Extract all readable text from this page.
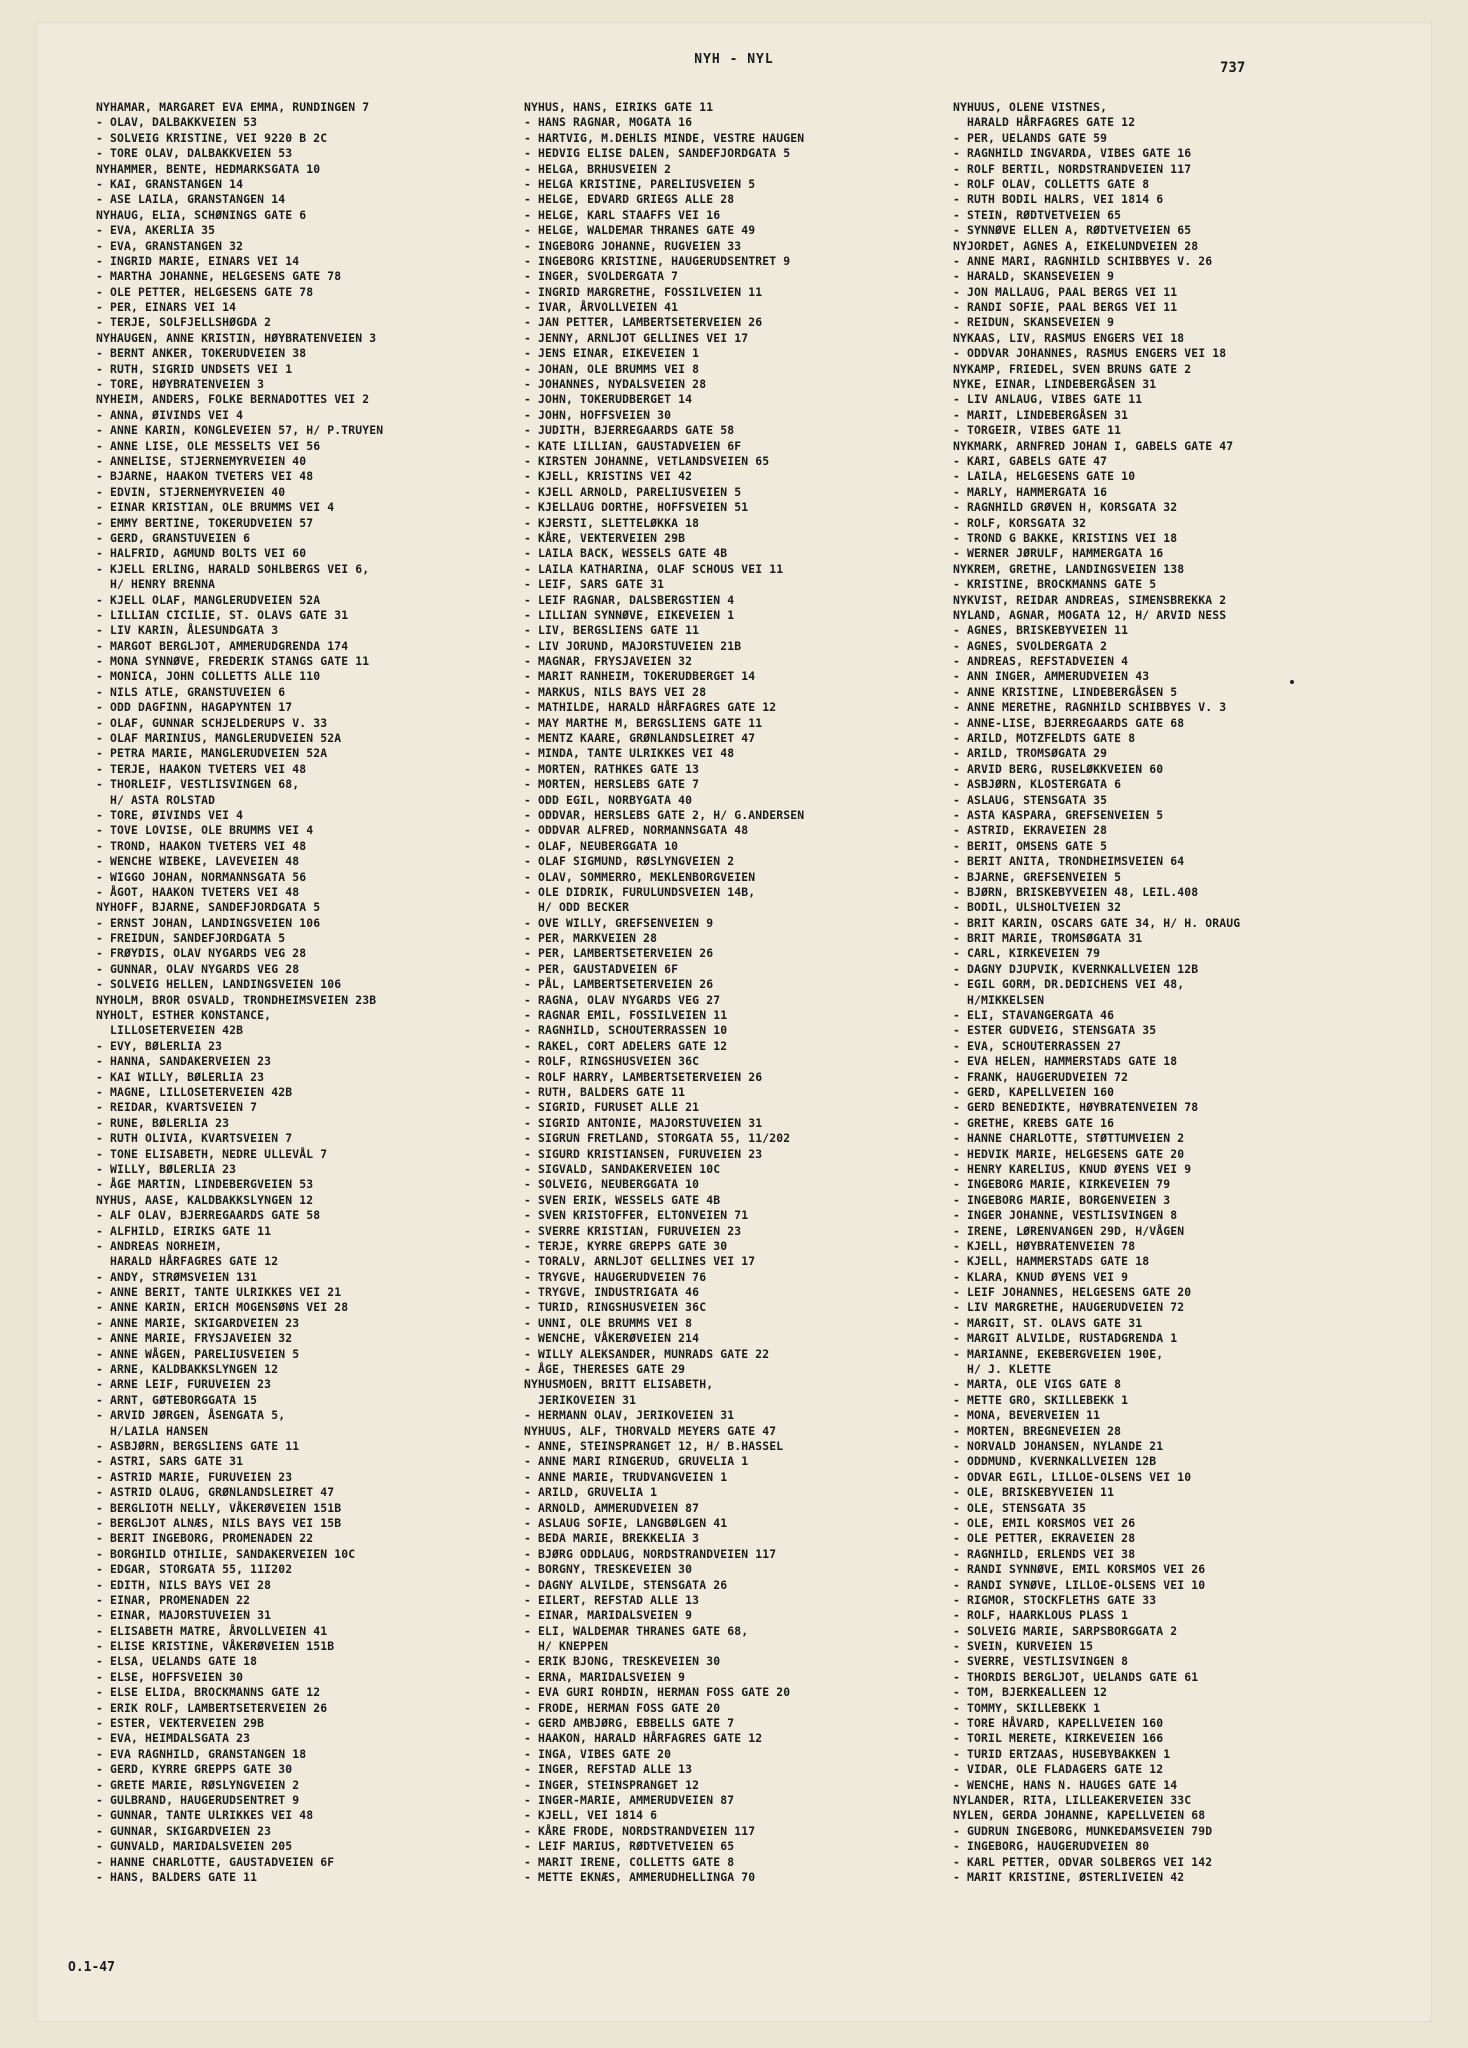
NYH - NYL
737
NYHAMAR, MARGARET EVA EMMA, RUNDINGEN 7
- OLAV, DALBAKKVEIEN 53
- SOLVEIG KRISTINE, VEI 9220 B 2C
- TORE OLAV, DALBAKKVEIEN 53
NYHAMMER, BENTE, HEDMARKSGATA 10
- KAI, GRANSTANGEN 14
- ASE LAILA, GRANSTANGEN 14
NYHAUG, ELIA, SCHØNINGS GATE 6
- EVA, AKERLIA 35
- EVA, GRANSTANGEN 32
- INGRID MARIE, EINARS VEI 14
- MARTHA JOHANNE, HELGESENS GATE 78
- OLE PETTER, HELGESENS GATE 78
- PER, EINARS VEI 14
- TERJE, SOLFJELLSHØGDA 2
NYHAUGEN, ANNE KRISTIN, HØYBRATENVEIEN 3
- BERNT ANKER, TOKERUDVEIEN 38
- RUTH, SIGRID UNDSETS VEI 1
- TORE, HØYBRATENVEIEN 3
NYHEIM, ANDERS, FOLKE BERNADOTTES VEI 2
- ANNA, ØIVINDS VEI 4
- ANNE KARIN, KONGLEVEIEN 57, H/ P.TRUYEN
- ANNE LISE, OLE MESSELTS VEI 56
- ANNELISE, STJERNEMYRVEIEN 40
- BJARNE, HAAKON TVETERS VEI 48
- EDVIN, STJERNEMYRVEIEN 40
- EINAR KRISTIAN, OLE BRUMMS VEI 4
- EMMY BERTINE, TOKERUDVEIEN 57
- GERD, GRANSTUVEIEN 6
- HALFRID, AGMUND BOLTS VEI 60
- KJELL ERLING, HARALD SOHLBERGS VEI 6,
H/ HENRY BRENNA
- KJELL OLAF, MANGLERUDVEIEN 52A
- LILLIAN CICILIE, ST. OLAVS GATE 31
- LIV KARIN, ÅLESUNDGATA 3
- MARGOT BERGLJOT, AMMERUDGRENDA 174
- MONA SYNNØVE, FREDERIK STANGS GATE 11
- MONICA, JOHN COLLETTS ALLE 110
- NILS ATLE, GRANSTUVEIEN 6
- ODD DAGFINN, HAGAPYNTEN 17
- OLAF, GUNNAR SCHJELDERUPS V. 33
- OLAF MARINIUS, MANGLERUDVEIEN 52A
- PETRA MARIE, MANGLERUDVEIEN 52A
- TERJE, HAAKON TVETERS VEI 48
- THORLEIF, VESTLISVINGEN 68,
H/ ASTA ROLSTAD
- TORE, ØIVINDS VEI 4
- TOVE LOVISE, OLE BRUMMS VEI 4
- TROND, HAAKON TVETERS VEI 48
- WENCHE WIBEKE, LAVEVEIEN 48
- WIGGO JOHAN, NORMANNSGATA 56
- ÅGOT, HAAKON TVETERS VEI 48
NYHOFF, BJARNE, SANDEFJORDGATA 5
- ERNST JOHAN, LANDINGSVEIEN 106
- FREIDUN, SANDEFJORDGATA 5
- FRØYDIS, OLAV NYGARDS VEG 28
- GUNNAR, OLAV NYGARDS VEG 28
- SOLVEIG HELLEN, LANDINGSVEIEN 106
NYHOLM, BROR OSVALD, TRONDHEIMSVEIEN 23B
NYHOLT, ESTHER KONSTANCE,
LILLOSETERVEIEN 42B
- EVY, BØLERLIA 23
- HANNA, SANDAKERVEIEN 23
- KAI WILLY, BØLERLIA 23
- MAGNE, LILLOSETERVEIEN 42B
- REIDAR, KVARTSVEIEN 7
- RUNE, BØLERLIA 23
- RUTH OLIVIA, KVARTSVEIEN 7
- TONE ELISABETH, NEDRE ULLEVÅL 7
- WILLY, BØLERLIA 23
- ÅGE MARTIN, LINDEBERGVEIEN 53
NYHUS, AASE, KALDBAKKSLYNGEN 12
- ALF OLAV, BJERREGAARDS GATE 58
- ALFHILD, EIRIKS GATE 11
- ANDREAS NORHEIM,
HARALD HÅRFAGRES GATE 12
- ANDY, STRØMSVEIEN 131
- ANNE BERIT, TANTE ULRIKKES VEI 21
- ANNE KARIN, ERICH MOGENSØNS VEI 28
- ANNE MARIE, SKIGARDVEIEN 23
- ANNE MARIE, FRYSJAVEIEN 32
- ANNE WÅGEN, PARELIUSVEIEN 5
- ARNE, KALDBAKKSLYNGEN 12
- ARNE LEIF, FURUVEIEN 23
- ARNT, GØTEBORGGATA 15
- ARVID JØRGEN, ÅSENGATA 5,
H/LAILA HANSEN
- ASBJØRN, BERGSLIENS GATE 11
- ASTRI, SARS GATE 31
- ASTRID MARIE, FURUVEIEN 23
- ASTRID OLAUG, GRØNLANDSLEIRET 47
- BERGLIOTH NELLY, VÅKERØVEIEN 151B
- BERGLJOT ALNÆS, NILS BAYS VEI 15B
- BERIT INGEBORG, PROMENADEN 22
- BORGHILD OTHILIE, SANDAKERVEIEN 10C
- EDGAR, STORGATA 55, 11I202
- EDITH, NILS BAYS VEI 28
- EINAR, PROMENADEN 22
- EINAR, MAJORSTUVEIEN 31
- ELISABETH MATRE, ÅRVOLLVEIEN 41
- ELISE KRISTINE, VÅKERØVEIEN 151B
- ELSA, UELANDS GATE 18
- ELSE, HOFFSVEIEN 30
- ELSE ELIDA, BROCKMANNS GATE 12
- ERIK ROLF, LAMBERTSETERVEIEN 26
- ESTER, VEKTERVEIEN 29B
- EVA, HEIMDALSGATA 23
- EVA RAGNHILD, GRANSTANGEN 18
- GERD, KYRRE GREPPS GATE 30
- GRETE MARIE, RØSLYNGVEIEN 2
- GULBRAND, HAUGERUDSENTRET 9
- GUNNAR, TANTE ULRIKKES VEI 48
- GUNNAR, SKIGARDVEIEN 23
- GUNVALD, MARIDALSVEIEN 205
- HANNE CHARLOTTE, GAUSTADVEIEN 6F
- HANS, BALDERS GATE 11
NYHUS, HANS, EIRIKS GATE 11
- HANS RAGNAR, MOGATA 16
- HARTVIG, M.DEHLIS MINDE, VESTRE HAUGEN
- HEDVIG ELISE DALEN, SANDEFJORDGATA 5
- HELGA, BRHUSVEIEN 2
- HELGA KRISTINE, PARELIUSVEIEN 5
- HELGE, EDVARD GRIEGS ALLE 28
- HELGE, KARL STAAFFS VEI 16
- HELGE, WALDEMAR THRANES GATE 49
- INGEBORG JOHANNE, RUGVEIEN 33
- INGEBORG KRISTINE, HAUGERUDSENTRET 9
- INGER, SVOLDERGATA 7
- INGRID MARGRETHE, FOSSILVEIEN 11
- IVAR, ÅRVOLLVEIEN 41
- JAN PETTER, LAMBERTSETERVEIEN 26
- JENNY, ARNLJOT GELLINES VEI 17
- JENS EINAR, EIKEVEIEN 1
- JOHAN, OLE BRUMMS VEI 8
- JOHANNES, NYDALSVEIEN 28
- JOHN, TOKERUDBERGET 14
- JOHN, HOFFSVEIEN 30
- JUDITH, BJERREGAARDS GATE 58
- KATE LILLIAN, GAUSTADVEIEN 6F
- KIRSTEN JOHANNE, VETLANDSVEIEN 65
- KJELL, KRISTINS VEI 42
- KJELL ARNOLD, PARELIUSVEIEN 5
- KJELLAUG DORTHE, HOFFSVEIEN 51
- KJERSTI, SLETTELØKKA 18
- KÅRE, VEKTERVEIEN 29B
- LAILA BACK, WESSELS GATE 4B
- LAILA KATHARINA, OLAF SCHOUS VEI 11
- LEIF, SARS GATE 31
- LEIF RAGNAR, DALSBERGSTIEN 4
- LILLIAN SYNNØVE, EIKEVEIEN 1
- LIV, BERGSLIENS GATE 11
- LIV JORUND, MAJORSTUVEIEN 21B
- MAGNAR, FRYSJAVEIEN 32
- MARIT RANHEIM, TOKERUDBERGET 14
- MARKUS, NILS BAYS VEI 28
- MATHILDE, HARALD HÅRFAGRES GATE 12
- MAY MARTHE M, BERGSLIENS GATE 11
- MENTZ KAARE, GRØNLANDSLEIRET 47
- MINDA, TANTE ULRIKKES VEI 48
- MORTEN, RATHKES GATE 13
- MORTEN, HERSLEBS GATE 7
- ODD EGIL, NORBYGATA 40
- ODDVAR, HERSLEBS GATE 2, H/ G.ANDERSEN
- ODDVAR ALFRED, NORMANNSGATA 48
- OLAF, NEUBERGGATA 10
- OLAF SIGMUND, RØSLYNGVEIEN 2
- OLAV, SOMMERRO, MEKLENBORGVEIEN
- OLE DIDRIK, FURULUNDSVEIEN 14B,
H/ ODD BECKER
- OVE WILLY, GREFSENVEIEN 9
- PER, MARKVEIEN 28
- PER, LAMBERTSETERVEIEN 26
- PER, GAUSTADVEIEN 6F
- PÅL, LAMBERTSETERVEIEN 26
- RAGNA, OLAV NYGARDS VEG 27
- RAGNAR EMIL, FOSSILVEIEN 11
- RAGNHILD, SCHOUTERRASSEN 10
- RAKEL, CORT ADELERS GATE 12
- ROLF, RINGSHUSVEIEN 36C
- ROLF HARRY, LAMBERTSETERVEIEN 26
- RUTH, BALDERS GATE 11
- SIGRID, FURUSET ALLE 21
- SIGRID ANTONIE, MAJORSTUVEIEN 31
- SIGRUN FRETLAND, STORGATA 55, 11/202
- SIGURD KRISTIANSEN, FURUVEIEN 23
- SIGVALD, SANDAKERVEIEN 10C
- SOLVEIG, NEUBERGGATA 10
- SVEN ERIK, WESSELS GATE 4B
- SVEN KRISTOFFER, ELTONVEIEN 71
- SVERRE KRISTIAN, FURUVEIEN 23
- TERJE, KYRRE GREPPS GATE 30
- TORALV, ARNLJOT GELLINES VEI 17
- TRYGVE, HAUGERUDVEIEN 76
- TRYGVE, INDUSTRIGATA 46
- TURID, RINGSHUSVEIEN 36C
- UNNI, OLE BRUMMS VEI 8
- WENCHE, VÅKERØVEIEN 214
- WILLY ALEKSANDER, MUNRADS GATE 22
- ÅGE, THERESES GATE 29
NYHUSMOEN, BRITT ELISABETH,
JERIKOVEIEN 31
- HERMANN OLAV, JERIKOVEIEN 31
NYHUUS, ALF, THORVALD MEYERS GATE 47
- ANNE, STEINSPRANGET 12, H/ B.HASSEL
- ANNE MARI RINGERUD, GRUVELIA 1
- ANNE MARIE, TRUDVANGVEIEN 1
- ARILD, GRUVELIA 1
- ARNOLD, AMMERUDVEIEN 87
- ASLAUG SOFIE, LANGBØLGEN 41
- BEDA MARIE, BREKKELIA 3
- BJØRG ODDLAUG, NORDSTRANDVEIEN 117
- BORGNY, TRESKEVEIEN 30
- DAGNY ALVILDE, STENSGATA 26
- EILERT, REFSTAD ALLE 13
- EINAR, MARIDALSVEIEN 9
- ELI, WALDEMAR THRANES GATE 68,
H/ KNEPPEN
- ERIK BJONG, TRESKEVEIEN 30
- ERNA, MARIDALSVEIEN 9
- EVA GURI ROHDIN, HERMAN FOSS GATE 20
- FRODE, HERMAN FOSS GATE 20
- GERD AMBJØRG, EBBELLS GATE 7
- HAAKON, HARALD HÅRFAGRES GATE 12
- INGA, VIBES GATE 20
- INGER, REFSTAD ALLE 13
- INGER, STEINSPRANGET 12
- INGER-MARIE, AMMERUDVEIEN 87
- KJELL, VEI 1814 6
- KÅRE FRODE, NORDSTRANDVEIEN 117
- LEIF MARIUS, RØDTVETVEIEN 65
- MARIT IRENE, COLLETTS GATE 8
- METTE EKNÆS, AMMERUDHELLINGA 70
NYHUUS, OLENE VISTNES,
HARALD HÅRFAGRES GATE 12
- PER, UELANDS GATE 59
- RAGNHILD INGVARDA, VIBES GATE 16
- ROLF BERTIL, NORDSTRANDVEIEN 117
- ROLF OLAV, COLLETTS GATE 8
- RUTH BODIL HALRS, VEI 1814 6
- STEIN, RØDTVETVEIEN 65
- SYNNØVE ELLEN A, RØDTVETVEIEN 65
NYJORDET, AGNES A, EIKELUNDVEIEN 28
- ANNE MARI, RAGNHILD SCHIBBYES V. 26
- HARALD, SKANSEVEIEN 9
- JON MALLAUG, PAAL BERGS VEI 11
- RANDI SOFIE, PAAL BERGS VEI 11
- REIDUN, SKANSEVEIEN 9
NYKAAS, LIV, RASMUS ENGERS VEI 18
- ODDVAR JOHANNES, RASMUS ENGERS VEI 18
NYKAMP, FRIEDEL, SVEN BRUNS GATE 2
NYKE, EINAR, LINDEBERGÅSEN 31
- LIV ANLAUG, VIBES GATE 11
- MARIT, LINDEBERGÅSEN 31
- TORGEIR, VIBES GATE 11
NYKMARK, ARNFRED JOHAN I, GABELS GATE 47
- KARI, GABELS GATE 47
- LAILA, HELGESENS GATE 10
- MARLY, HAMMERGATA 16
- RAGNHILD GRØVEN H, KORSGATA 32
- ROLF, KORSGATA 32
- TROND G BAKKE, KRISTINS VEI 18
- WERNER JØRULF, HAMMERGATA 16
NYKREM, GRETHE, LANDINGSVEIEN 138
- KRISTINE, BROCKMANNS GATE 5
NYKVIST, REIDAR ANDREAS, SIMENSBREKKA 2
NYLAND, AGNAR, MOGATA 12, H/ ARVID NESS
- AGNES, BRISKEBYVEIEN 11
- AGNES, SVOLDERGATA 2
- ANDREAS, REFSTADVEIEN 4
- ANN INGER, AMMERUDVEIEN 43
- ANNE KRISTINE, LINDEBERGÅSEN 5
- ANNE MERETHE, RAGNHILD SCHIBBYES V. 3
- ANNE-LISE, BJERREGAARDS GATE 68
- ARILD, MOTZFELDTS GATE 8
- ARILD, TROMSØGATA 29
- ARVID BERG, RUSELØKKVEIEN 60
- ASBJØRN, KLOSTERGATA 6
- ASLAUG, STENSGATA 35
- ASTA KASPARA, GREFSENVEIEN 5
- ASTRID, EKRAVEIEN 28
- BERIT, OMSENS GATE 5
- BERIT ANITA, TRONDHEIMSVEIEN 64
- BJARNE, GREFSENVEIEN 5
- BJØRN, BRISKEBYVEIEN 48, LEIL.408
- BODIL, ULSHOLTVEIEN 32
- BRIT KARIN, OSCARS GATE 34, H/ H. ORAUG
- BRIT MARIE, TROMSØGATA 31
- CARL, KIRKEVEIEN 79
- DAGNY DJUPVIK, KVERNKALLVEIEN 12B
- EGIL GORM, DR.DEDICHENS VEI 48,
H/MIKKELSEN
- ELI, STAVANGERGATA 46
- ESTER GUDVEIG, STENSGATA 35
- EVA, SCHOUTERRASSEN 27
- EVA HELEN, HAMMERSTADS GATE 18
- FRANK, HAUGERUDVEIEN 72
- GERD, KAPELLVEIEN 160
- GERD BENEDIKTE, HØYBRATENVEIEN 78
- GRETHE, KREBS GATE 16
- HANNE CHARLOTTE, STØTTUMVEIEN 2
- HEDVIK MARIE, HELGESENS GATE 20
- HENRY KARELIUS, KNUD ØYENS VEI 9
- INGEBORG MARIE, KIRKEVEIEN 79
- INGEBORG MARIE, BORGENVEIEN 3
- INGER JOHANNE, VESTLISVINGEN 8
- IRENE, LØRENVANGEN 29D, H/VÅGEN
- KJELL, HØYBRATENVEIEN 78
- KJELL, HAMMERSTADS GATE 18
- KLARA, KNUD ØYENS VEI 9
- LEIF JOHANNES, HELGESENS GATE 20
- LIV MARGRETHE, HAUGERUDVEIEN 72
- MARGIT, ST. OLAVS GATE 31
- MARGIT ALVILDE, RUSTADGRENDA 1
- MARIANNE, EKEBERGVEIEN 190E,
H/ J. KLETTE
- MARTA, OLE VIGS GATE 8
- METTE GRO, SKILLEBEKK 1
- MONA, BEVERVEIEN 11
- MORTEN, BREGNEVEIEN 28
- NORVALD JOHANSEN, NYLANDE 21
- ODDMUND, KVERNKALLVEIEN 12B
- ODVAR EGIL, LILLOE-OLSENS VEI 10
- OLE, BRISKEBYVEIEN 11
- OLE, STENSGATA 35
- OLE, EMIL KORSMOS VEI 26
- OLE PETTER, EKRAVEIEN 28
- RAGNHILD, ERLENDS VEI 38
- RANDI SYNNØVE, EMIL KORSMOS VEI 26
- RANDI SYNØVE, LILLOE-OLSENS VEI 10
- RIGMOR, STOCKFLETHS GATE 33
- ROLF, HAARKLOUS PLASS 1
- SOLVEIG MARIE, SARPSBORGGATA 2
- SVEIN, KURVEIEN 15
- SVERRE, VESTLISVINGEN 8
- THORDIS BERGLJOT, UELANDS GATE 61
- TOM, BJERKEALLEEN 12
- TOMMY, SKILLEBEKK 1
- TORE HÅVARD, KAPELLVEIEN 160
- TORIL MERETE, KIRKEVEIEN 166
- TURID ERTZAAS, HUSEBYBAKKEN 1
- VIDAR, OLE FLADAGERS GATE 12
- WENCHE, HANS N. HAUGES GATE 14
NYLANDER, RITA, LILLEAKERVEIEN 33C
NYLEN, GERDA JOHANNE, KAPELLVEIEN 68
- GUDRUN INGEBORG, MUNKEDAMSVEIEN 79D
- INGEBORG, HAUGERUDVEIEN 80
- KARL PETTER, ODVAR SOLBERGS VEI 142
- MARIT KRISTINE, ØSTERLIVEIEN 42
O.1-47
